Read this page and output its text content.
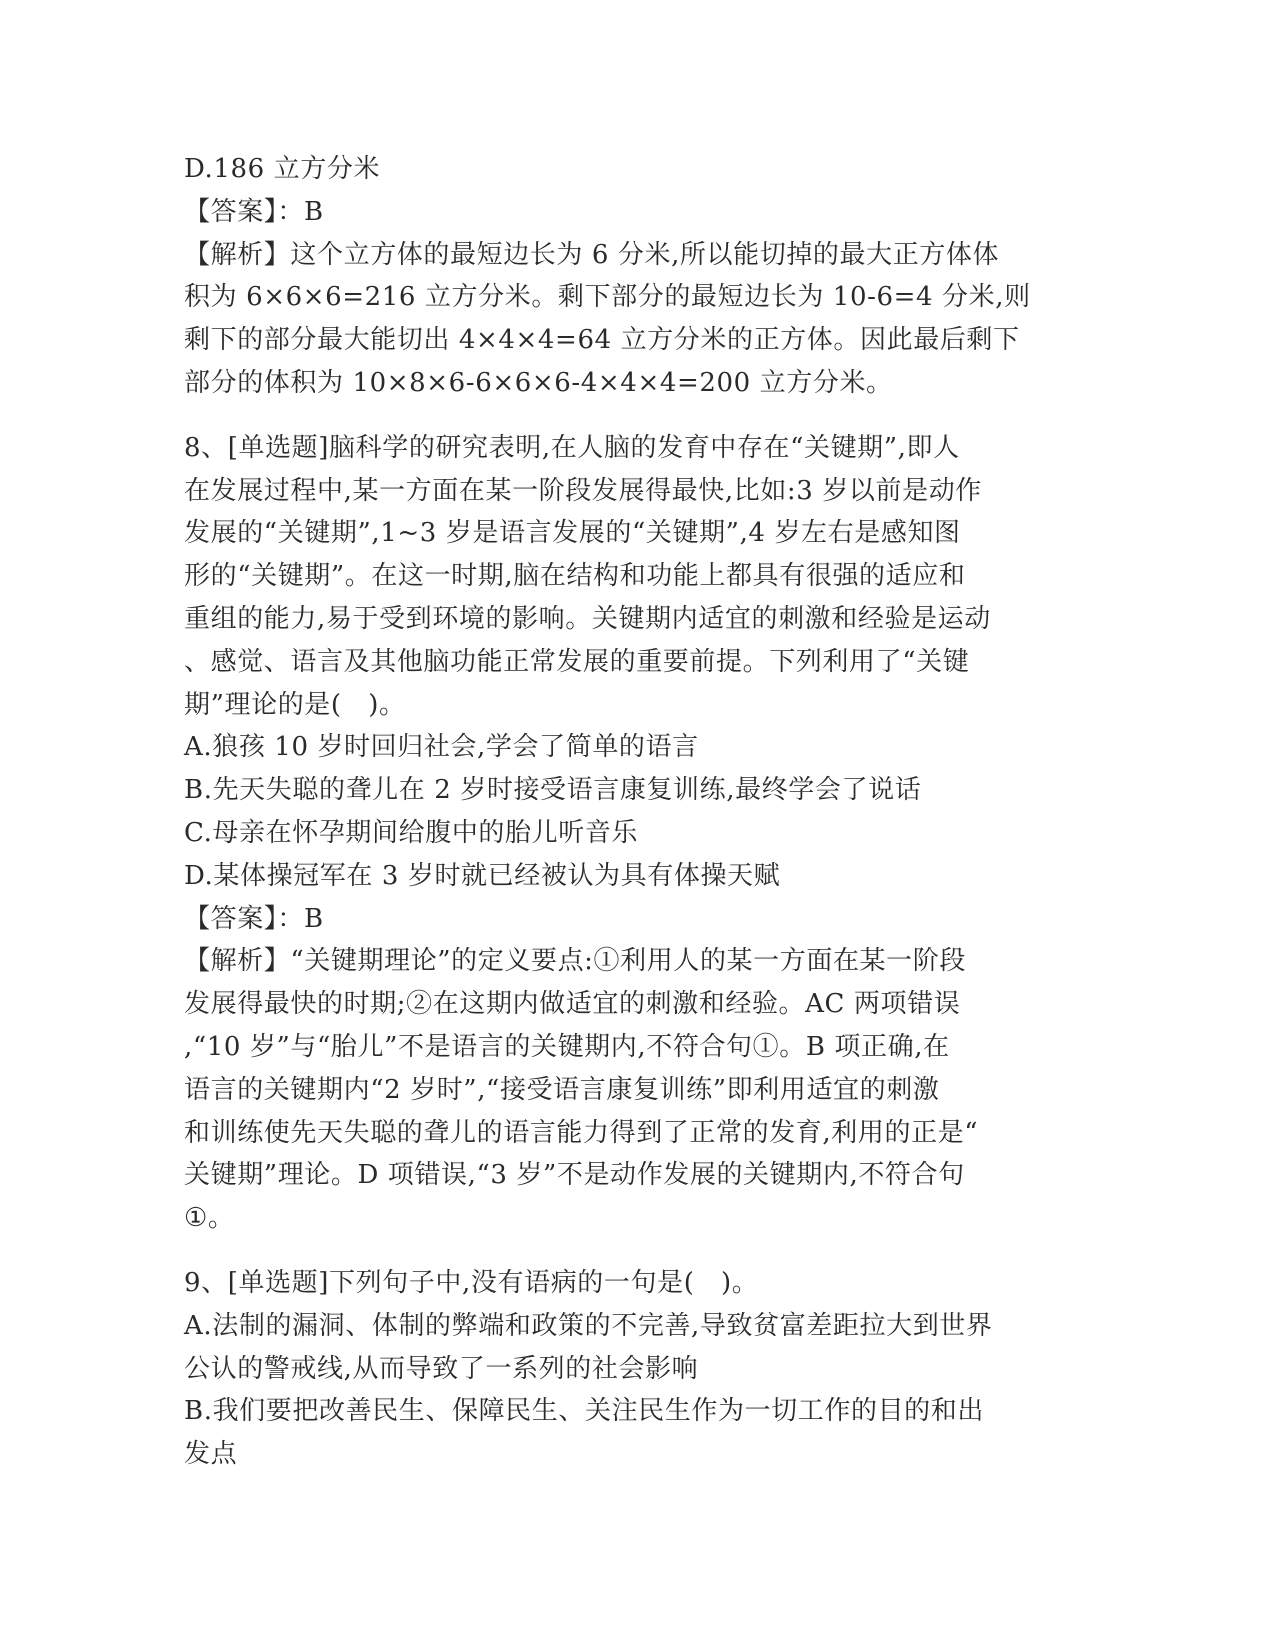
D.186 立方分米
【答案】：B
【解析】这个立方体的最短边长为 6 分米,所以能切掉的最大正方体体
积为 6×6×6=216 立方分米。剩下部分的最短边长为 10-6=4 分米,则
剩下的部分最大能切出 4×4×4=64 立方分米的正方体。因此最后剩下
部分的体积为 10×8×6-6×6×6-4×4×4=200 立方分米。
8、[单选题]脑科学的研究表明,在人脑的发育中存在“关键期”,即人
在发展过程中,某一方面在某一阶段发展得最快,比如:3 岁以前是动作
发展的“关键期”,1~3 岁是语言发展的“关键期”,4 岁左右是感知图
形的“关键期”。在这一时期,脑在结构和功能上都具有很强的适应和
重组的能力,易于受到环境的影响。关键期内适宜的刺激和经验是运动
、感觉、语言及其他脑功能正常发展的重要前提。下列利用了“关键
期”理论的是(　)。
A.狼孩 10 岁时回归社会,学会了简单的语言
B.先天失聪的聋儿在 2 岁时接受语言康复训练,最终学会了说话
C.母亲在怀孕期间给腹中的胎儿听音乐
D.某体操冠军在 3 岁时就已经被认为具有体操天赋
【答案】：B
【解析】“关键期理论”的定义要点:①利用人的某一方面在某一阶段
发展得最快的时期;②在这期内做适宜的刺激和经验。AC 两项错误
,“10 岁”与“胎儿”不是语言的关键期内,不符合句①。B 项正确,在
语言的关键期内“2 岁时”,“接受语言康复训练”即利用适宜的刺激
和训练使先天失聪的聋儿的语言能力得到了正常的发育,利用的正是“
关键期”理论。D 项错误,“3 岁”不是动作发展的关键期内,不符合句
①。
9、[单选题]下列句子中,没有语病的一句是(　)。
A.法制的漏洞、体制的弊端和政策的不完善,导致贫富差距拉大到世界
公认的警戒线,从而导致了一系列的社会影响
B.我们要把改善民生、保障民生、关注民生作为一切工作的目的和出
发点
